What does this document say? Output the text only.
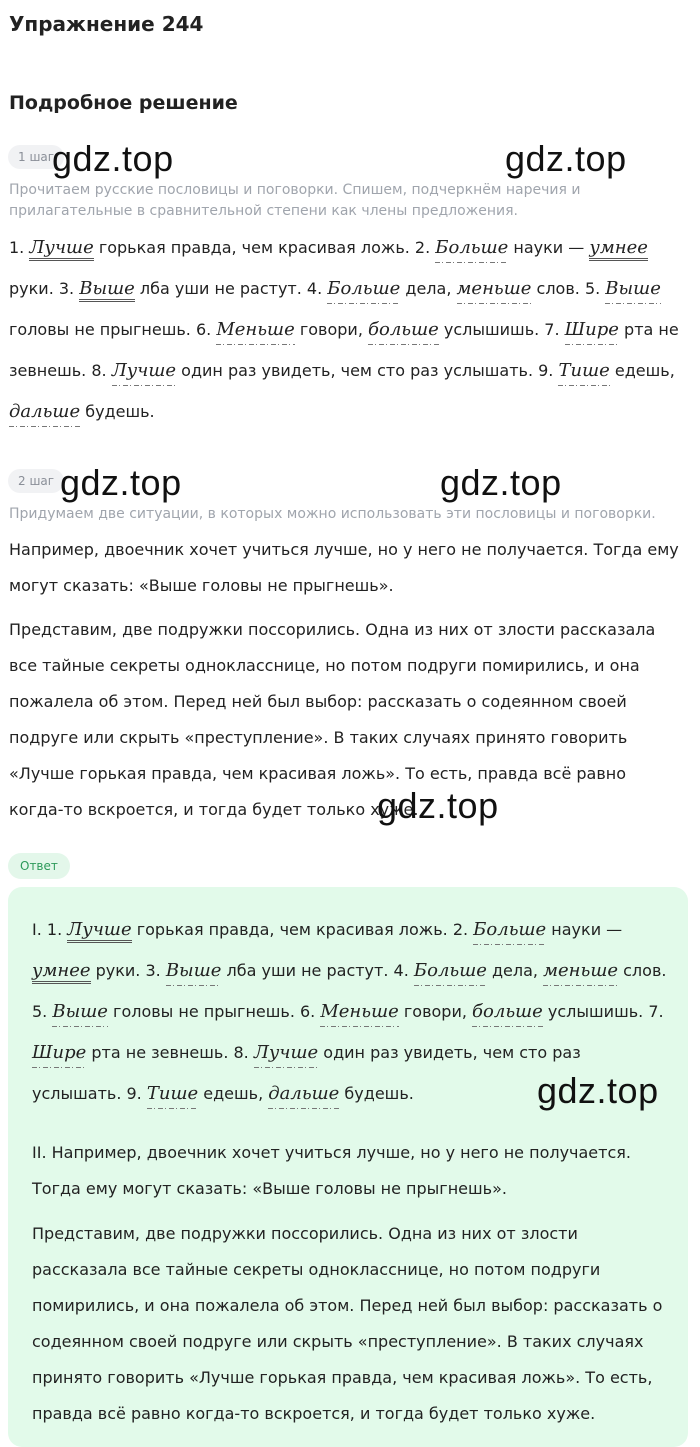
Упражнение 244
Подробное решение
1 шаг
gdz.top	gdz.top
Прочитаем русские пословицы и поговорки. Спишем, подчеркнём наречия и прилагательные в сравнительной степени как члены предложения.

1. Лучше горькая правда, чем красивая ложь. 2. Больше науки — умнее руки. 3. Выше лба уши не растут. 4. Больше дела, меньше слов. 5. Выше головы не прыгнешь. 6. Меньше говори, больше услышишь. 7. Шире рта не зевнешь. 8. Лучше один раз увидеть, чем сто раз услышать. 9. Тише едешь, дальше будешь.

2 шаг gdz.top	gdz.top
Придумаем две ситуации, в которых можно использовать эти пословицы и поговорки.

Например, двоечник хочет учиться лучше, но у него не получается. Тогда ему могут сказать: «Выше головы не прыгнешь».

Представим, две подружки поссорились. Одна из них от злости рассказала все тайные секреты однокласснице, но потом подруги помирились, и она пожалела об этом. Перед ней был выбор: рассказать о содеянном своей подруге или скрыть «преступление». В таких случаях принято говорить «Лучше горькая правда, чем красивая ложь». То есть, правда всё равно когда-то вскроется, и тогда будет только хуже.

gdz.top
Ответ

I. 1. Лучше горькая правда, чем красивая ложь. 2. Больше науки — умнее руки. 3. Выше лба уши не растут. 4. Больше дела, меньше слов. 5. Выше головы не прыгнешь. 6. Меньше говори, больше услышишь. 7. Шире рта не зевнешь. 8. Лучше один раз увидеть, чем сто раз услышать. 9. Тише едешь, дальше будешь.	gdz.top

II. Например, двоечник хочет учиться лучше, но у него не получается. Тогда ему могут сказать: «Выше головы не прыгнешь».

Представим, две подружки поссорились. Одна из них от злости рассказала все тайные секреты однокласснице, но потом подруги помирились, и она пожалела об этом. Перед ней был выбор: рассказать о содеянном своей подруге или скрыть «преступление». В таких случаях принято говорить «Лучше горькая правда, чем красивая ложь». То есть, правда всё равно когда-то вскроется, и тогда будет только хуже.
